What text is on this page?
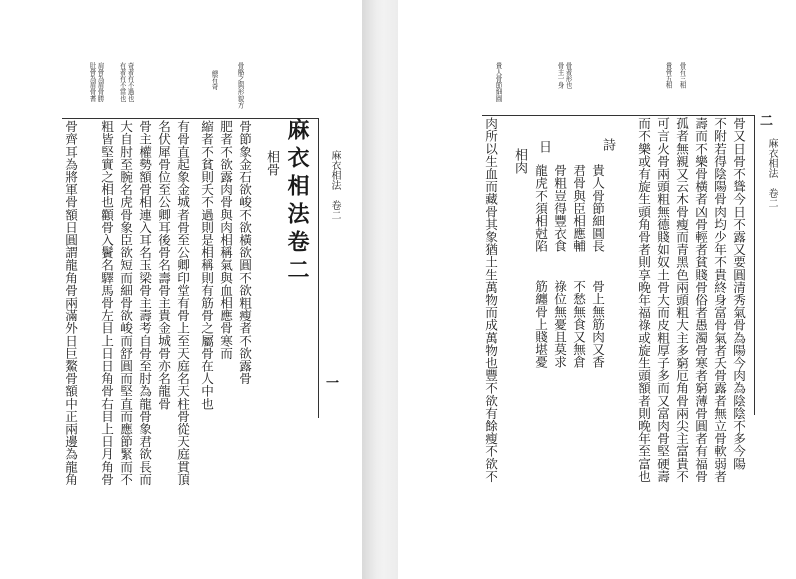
麻衣相法　卷二
一
麻衣相法卷二
相骨
骨骼之與形貌方
總有奇
奇者有不過也
有者有不當也
肩骨為眉骨勝
肚骨為眉骨耆
骨節象金石欲峻不欲橫欲圓不欲粗瘦者不欲露骨
肥者不欲露肉骨與肉相稱氣與血相應骨寒而
縮者不貧則夭不過則是相稱則有筋骨之屬骨在人中也
有骨直起象金城者骨至公卿印堂有骨上至天庭名天柱骨從天庭貫頂
名伏犀骨位至公卿耳後骨名壽骨主貴金城骨亦名龍骨
骨主權勢額骨相連入耳名玉梁骨主壽考自骨至肘為龍骨象君欲長而
大自肘至腕名虎骨象臣欲短而細骨欲峻而舒圓而堅直而應節緊而不
粗皆堅實之相也顴骨入鬢名驛馬骨左目上日日角骨右目上日月角骨
骨齊耳為將軍骨額日圓謂龍角骨兩滿外日巨鰲骨額中正兩邊為龍角	麻衣相法　卷二
二
骨有三相
貴骨五相
骨者形也
骨主一身
貴人骨節細圓
骨又日骨不聳今日不露又要圓清秀氣骨為陽今肉為陰陰不多今陽
不附若得陰陽骨肉均少年不貴終身富骨氣者夭骨露者無立骨軟弱者
壽而不樂骨橫者凶骨輕者貧賤骨俗者愚濁骨寒者窮薄骨圓者有福骨
孤者無親又云木骨瘦而青黑色兩頭粗大主多窮厄角骨兩尖主富貴不
可言火骨兩頭粗無德賤如奴土骨大而皮粗厚子多而又富肉骨堅硬壽
而不樂或有旋生頭角骨者則享晚年福祿或旋生頭額者則晚年至富也
詩
貴人骨節細圓長
骨上無筋肉又香
君骨與臣相應輔
不愁無食又無倉
骨粗豈得豐衣食
祿位無憂且莫求
日
龍虎不須相尅陷
筋纏骨上賤堪憂
相肉
肉所以生血而藏骨其象猶土生萬物而成萬物也豐不欲有餘瘦不欲不
